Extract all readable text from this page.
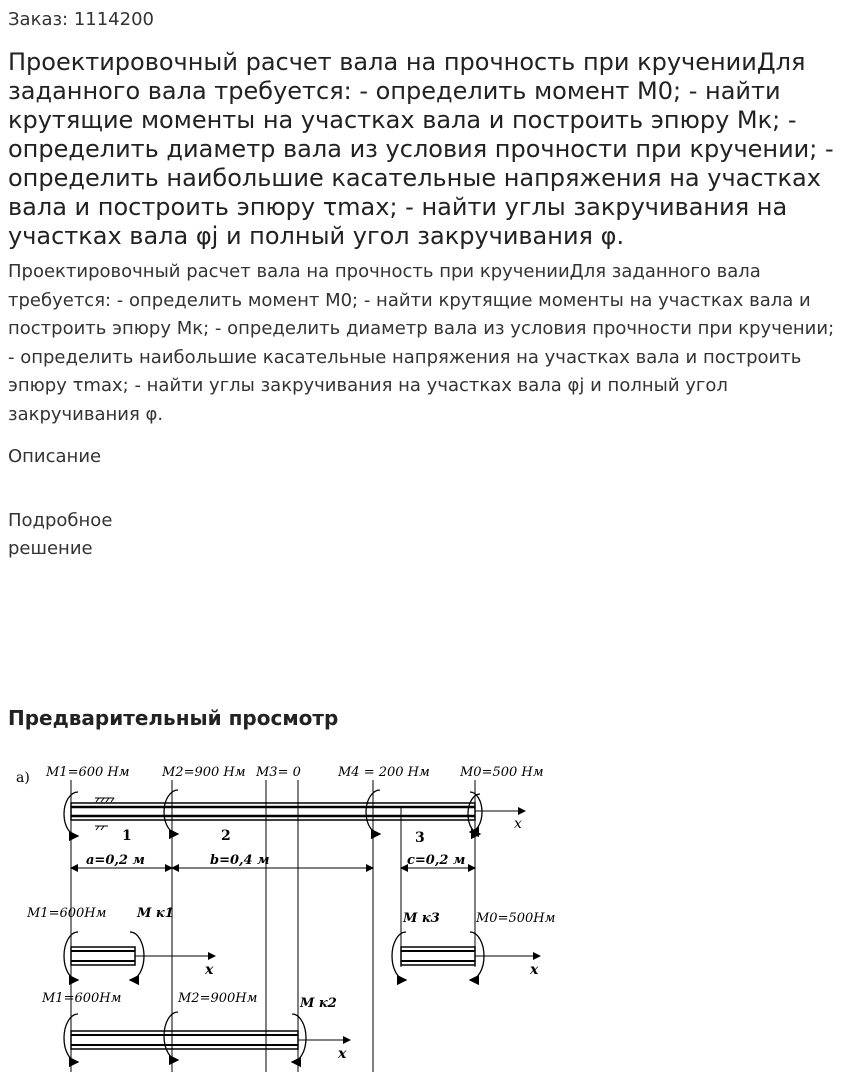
Заказ: 1114200
Проектировочный расчет вала на прочность при крученииДля заданного вала требуется: - определить момент М0; - найти крутящие моменты на участках вала и построить эпюру Мк; - определить диаметр вала из условия прочности при кручении; - определить наибольшие касательные напряжения на участках вала и построить эпюру τmax; - найти углы закручивания на участках вала φj и полный угол закручивания φ.
Проектировочный расчет вала на прочность при крученииДля заданного вала требуется: - определить момент М0; - найти крутящие моменты на участках вала и построить эпюру Мк; - определить диаметр вала из условия прочности при кручении; - определить наибольшие касательные напряжения на участках вала и построить эпюру τmax; - найти углы закручивания на участках вала φj и полный угол закручивания φ.
Описание
Подробное решение
Предварительный просмотр
а) М1=600 Нм М2=900 Нм М3= 0	М4 = 200 Нм М0=500 Нм
x
1	2	3
a=0,2 м	b=0,4 м	c=0,2 м
М1=600Нм М к1
x
М к3	М0=500Нм
x
М1=600Нм	М2=900Нм	М к2
x
